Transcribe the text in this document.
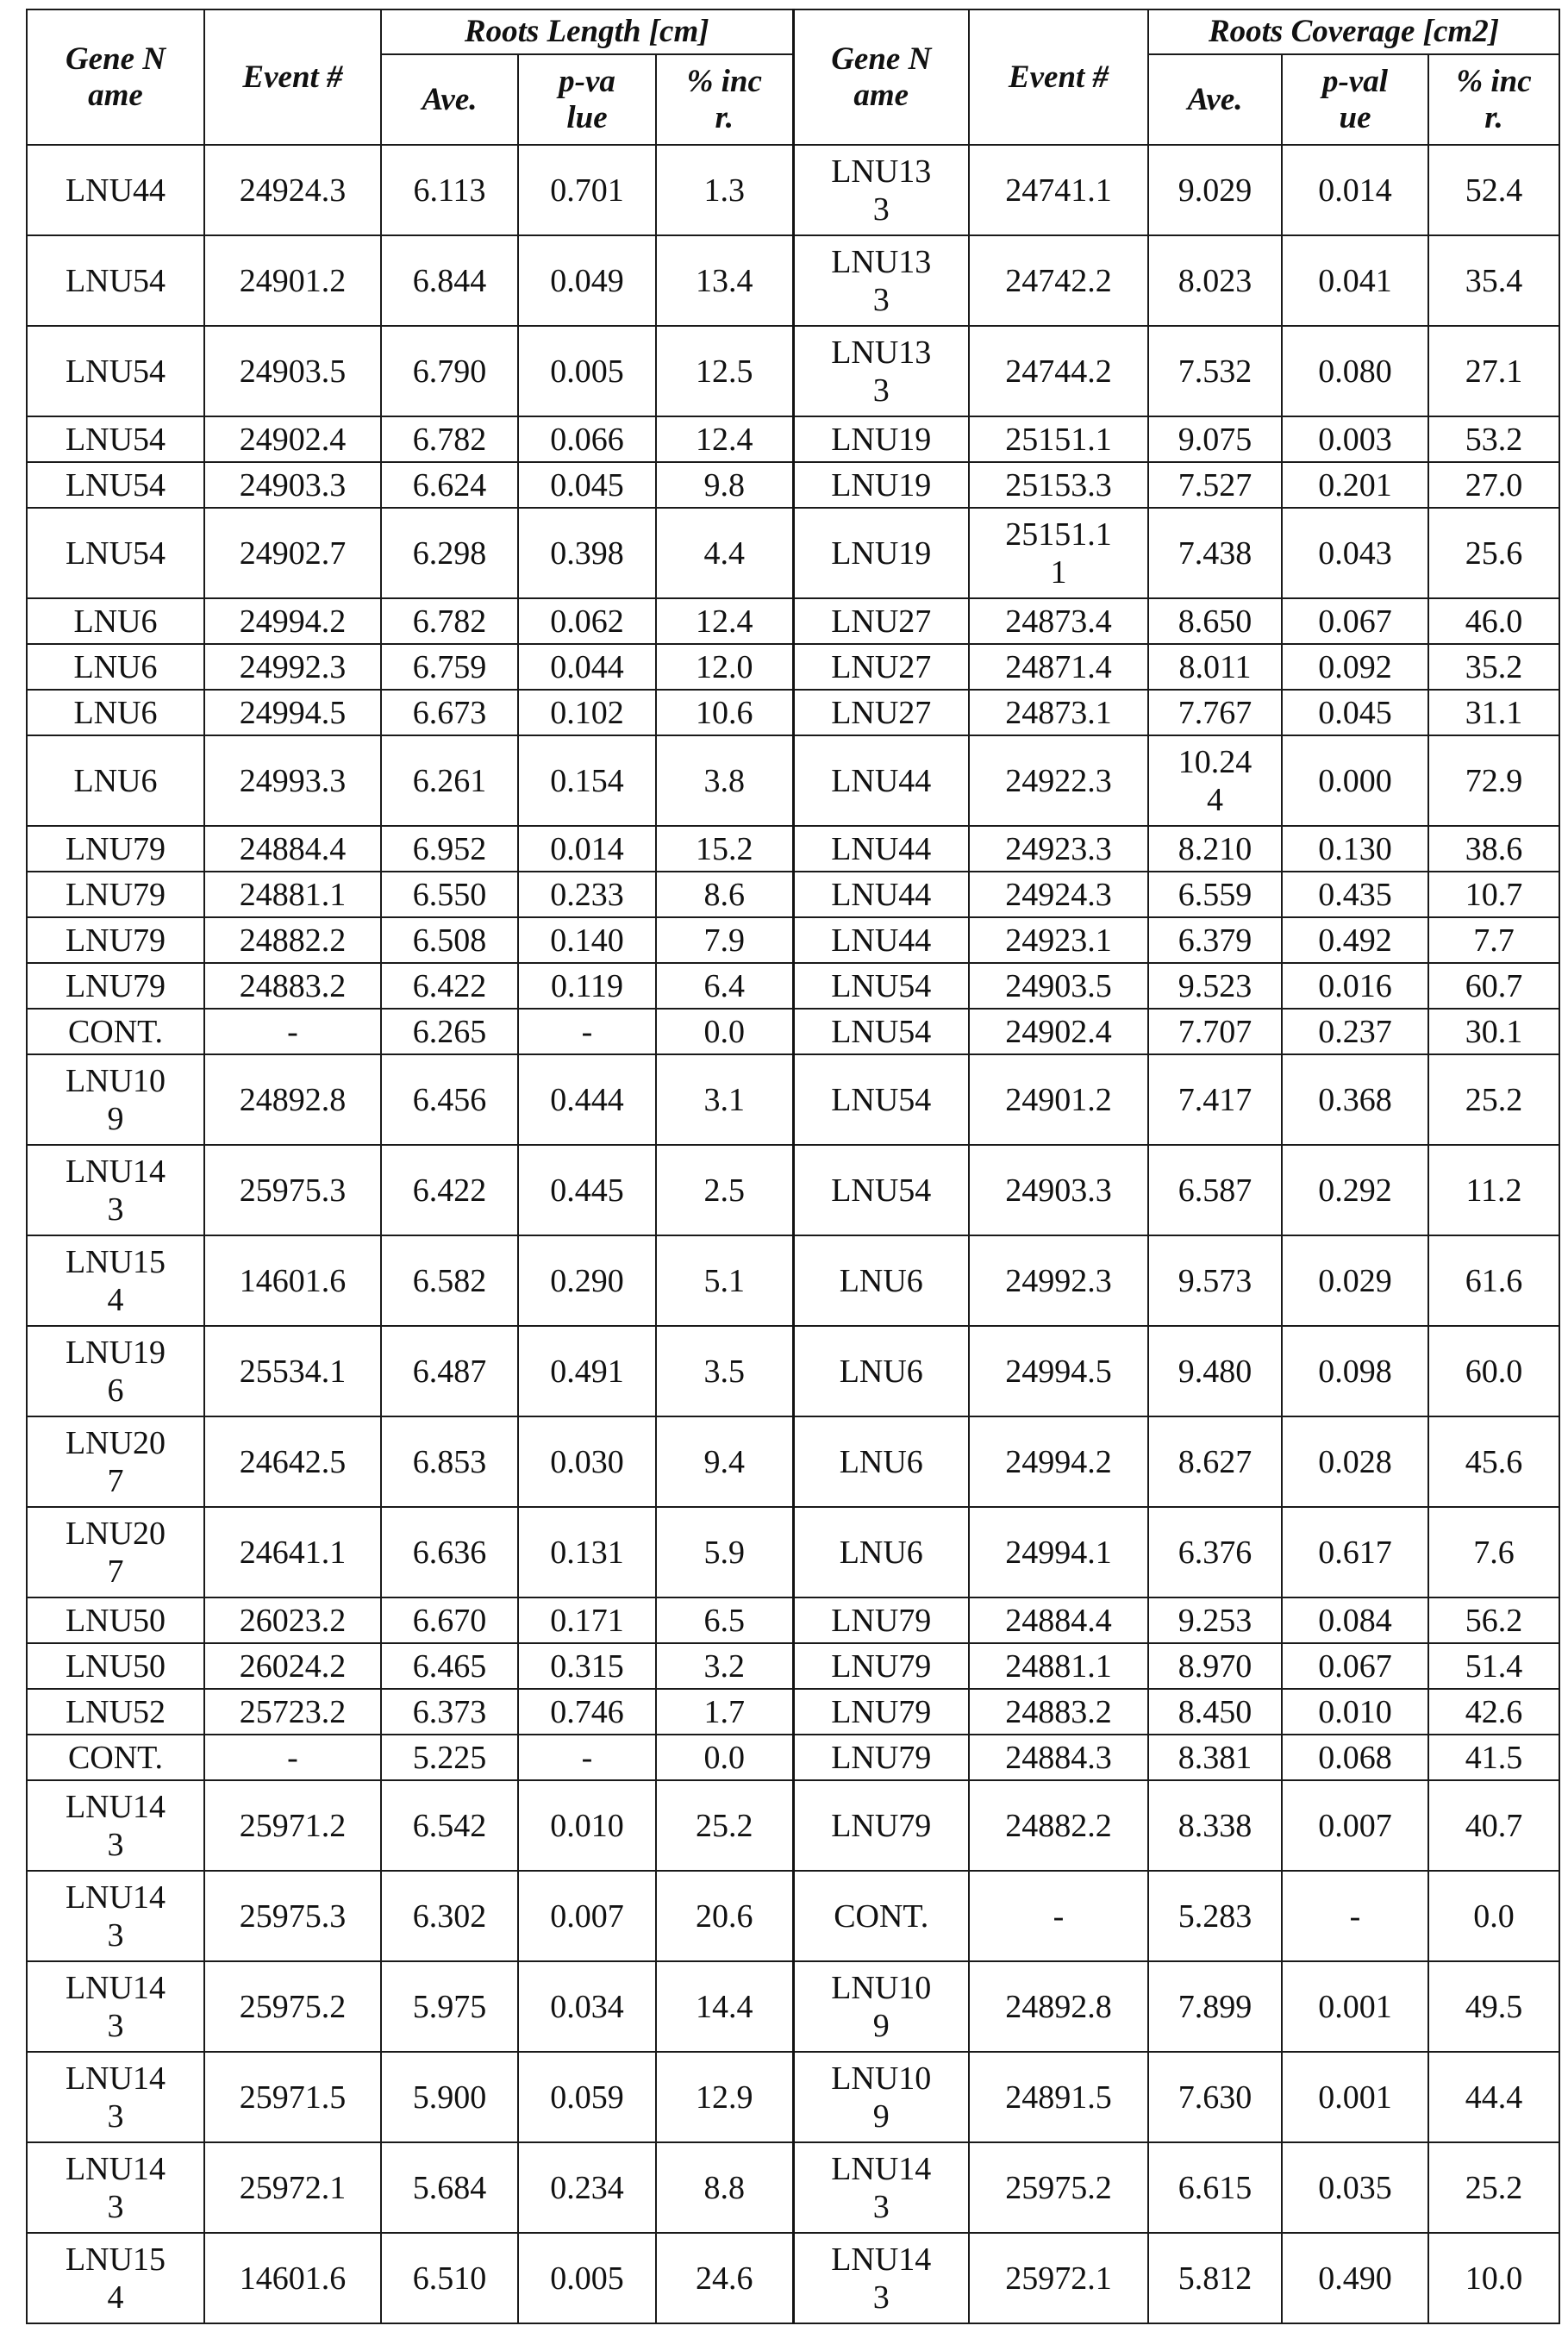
Gene Name	Event #	Roots Length [cm]			Gene Name	Event #	Roots Coverage [cm2]		
		Ave.	p-value	% incr.			Ave.	p-value	% incr.
LNU44	24924.3	6.113	0.701	1.3	LNU133	24741.1	9.029	0.014	52.4
LNU54	24901.2	6.844	0.049	13.4	LNU133	24742.2	8.023	0.041	35.4
LNU54	24903.5	6.790	0.005	12.5	LNU133	24744.2	7.532	0.080	27.1
LNU54	24902.4	6.782	0.066	12.4	LNU19	25151.1	9.075	0.003	53.2
LNU54	24903.3	6.624	0.045	9.8	LNU19	25153.3	7.527	0.201	27.0
LNU54	24902.7	6.298	0.398	4.4	LNU19	25151.11	7.438	0.043	25.6
LNU6	24994.2	6.782	0.062	12.4	LNU27	24873.4	8.650	0.067	46.0
LNU6	24992.3	6.759	0.044	12.0	LNU27	24871.4	8.011	0.092	35.2
LNU6	24994.5	6.673	0.102	10.6	LNU27	24873.1	7.767	0.045	31.1
LNU6	24993.3	6.261	0.154	3.8	LNU44	24922.3	10.244	0.000	72.9
LNU79	24884.4	6.952	0.014	15.2	LNU44	24923.3	8.210	0.130	38.6
LNU79	24881.1	6.550	0.233	8.6	LNU44	24924.3	6.559	0.435	10.7
LNU79	24882.2	6.508	0.140	7.9	LNU44	24923.1	6.379	0.492	7.7
LNU79	24883.2	6.422	0.119	6.4	LNU54	24903.5	9.523	0.016	60.7
CONT.	-	6.265	-	0.0	LNU54	24902.4	7.707	0.237	30.1
LNU109	24892.8	6.456	0.444	3.1	LNU54	24901.2	7.417	0.368	25.2
LNU143	25975.3	6.422	0.445	2.5	LNU54	24903.3	6.587	0.292	11.2
LNU154	14601.6	6.582	0.290	5.1	LNU6	24992.3	9.573	0.029	61.6
LNU196	25534.1	6.487	0.491	3.5	LNU6	24994.5	9.480	0.098	60.0
LNU207	24642.5	6.853	0.030	9.4	LNU6	24994.2	8.627	0.028	45.6
LNU207	24641.1	6.636	0.131	5.9	LNU6	24994.1	6.376	0.617	7.6
LNU50	26023.2	6.670	0.171	6.5	LNU79	24884.4	9.253	0.084	56.2
LNU50	26024.2	6.465	0.315	3.2	LNU79	24881.1	8.970	0.067	51.4
LNU52	25723.2	6.373	0.746	1.7	LNU79	24883.2	8.450	0.010	42.6
CONT.	-	5.225	-	0.0	LNU79	24884.3	8.381	0.068	41.5
LNU143	25971.2	6.542	0.010	25.2	LNU79	24882.2	8.338	0.007	40.7
LNU143	25975.3	6.302	0.007	20.6	CONT.	-	5.283	-	0.0
LNU143	25975.2	5.975	0.034	14.4	LNU109	24892.8	7.899	0.001	49.5
LNU143	25971.5	5.900	0.059	12.9	LNU109	24891.5	7.630	0.001	44.4
LNU143	25972.1	5.684	0.234	8.8	LNU143	25975.2	6.615	0.035	25.2
LNU154	14601.6	6.510	0.005	24.6	LNU143	25972.1	5.812	0.490	10.0
